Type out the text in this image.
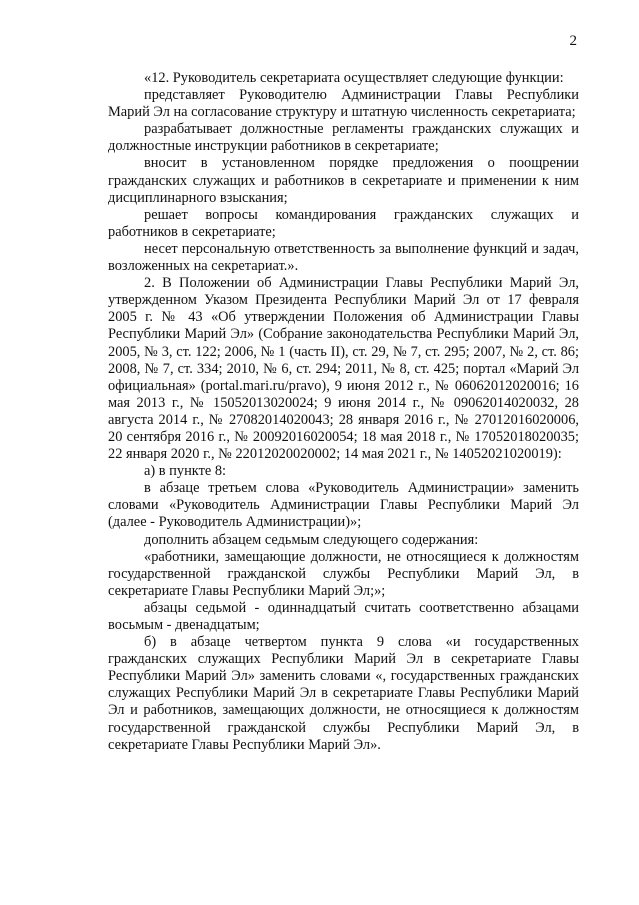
2

«12. Руководитель секретариата осуществляет следующие функции:

представляет Руководителю Администрации Главы Республики Марий Эл на согласование структуру и штатную численность секретариата;

разрабатывает должностные регламенты гражданских служащих и должностные инструкции работников в секретариате;

вносит в установленном порядке предложения о поощрении гражданских служащих и работников в секретариате и применении к ним дисциплинарного взыскания;

решает вопросы командирования гражданских служащих и работников в секретариате;

несет персональную ответственность за выполнение функций и задач, возложенных на секретариат.».

2. В Положении об Администрации Главы Республики Марий Эл, утвержденном Указом Президента Республики Марий Эл от 17 февраля 2005 г. № 43 «Об утверждении Положения об Администрации Главы Республики Марий Эл» (Собрание законодательства Республики Марий Эл, 2005, № 3, ст. 122; 2006, № 1 (часть II), ст. 29, № 7, ст. 295; 2007, № 2, ст. 86; 2008, № 7, ст. 334; 2010, № 6, ст. 294; 2011, № 8, ст. 425; портал «Марий Эл официальная» (portal.mari.ru/pravo), 9 июня 2012 г., № 06062012020016; 16 мая 2013 г., № 15052013020024; 9 июня 2014 г., № 09062014020032, 28 августа 2014 г., № 27082014020043; 28 января 2016 г., № 27012016020006, 20 сентября 2016 г., № 20092016020054; 18 мая 2018 г., № 17052018020035; 22 января 2020 г., № 22012020020002; 14 мая 2021 г., № 14052021020019):

а) в пункте 8:

в абзаце третьем слова «Руководитель Администрации» заменить словами «Руководитель Администрации Главы Республики Марий Эл (далее - Руководитель Администрации)»;

дополнить абзацем седьмым следующего содержания:

«работники, замещающие должности, не относящиеся к должностям государственной гражданской службы Республики Марий Эл, в секретариате Главы Республики Марий Эл;»;

абзацы седьмой - одиннадцатый считать соответственно абзацами восьмым - двенадцатым;

б) в абзаце четвертом пункта 9 слова «и государственных гражданских служащих Республики Марий Эл в секретариате Главы Республики Марий Эл» заменить словами «, государственных гражданских служащих Республики Марий Эл в секретариате Главы Республики Марий Эл и работников, замещающих должности, не относящиеся к должностям государственной гражданской службы Республики Марий Эл, в секретариате Главы Республики Марий Эл».
